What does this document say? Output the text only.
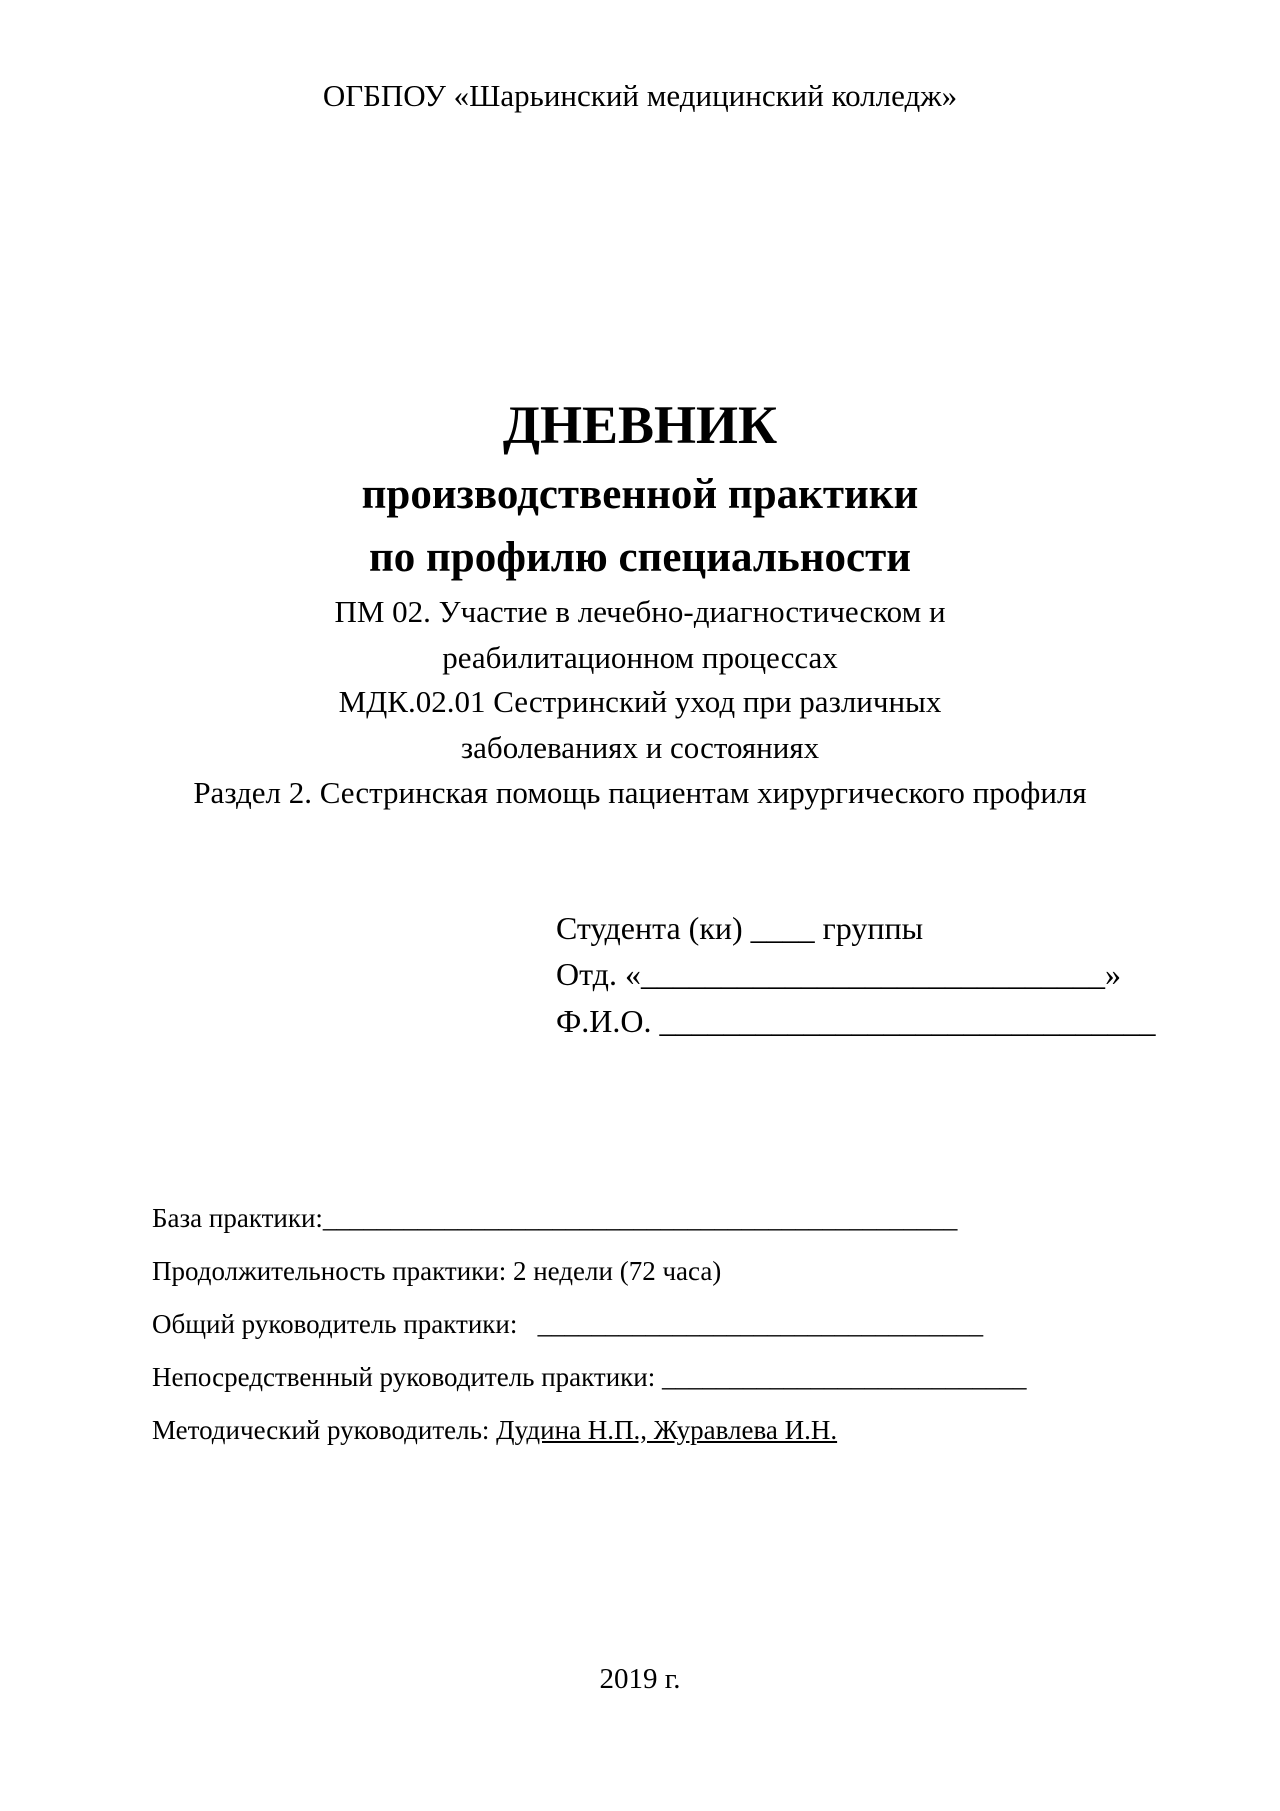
ОГБПОУ «Шарьинский медицинский колледж»
ДНЕВНИК
производственной практики
по профилю специальности
ПМ 02. Участие в лечебно-диагностическом и
реабилитационном процессах
МДК.02.01 Сестринский уход при различных
заболеваниях и состояниях
Раздел 2. Сестринская помощь пациентам хирургического профиля
Студента (ки) ____ группы
Отд. «_____________________________»
Ф.И.О. _______________________________
База практики:_______________________________________________
Продолжительность практики: 2 недели (72 часа)
Общий руководитель практики:   _________________________________
Непосредственный руководитель практики: ___________________________
Методический руководитель: Дудина Н.П., Журавлева И.Н.
2019 г.
